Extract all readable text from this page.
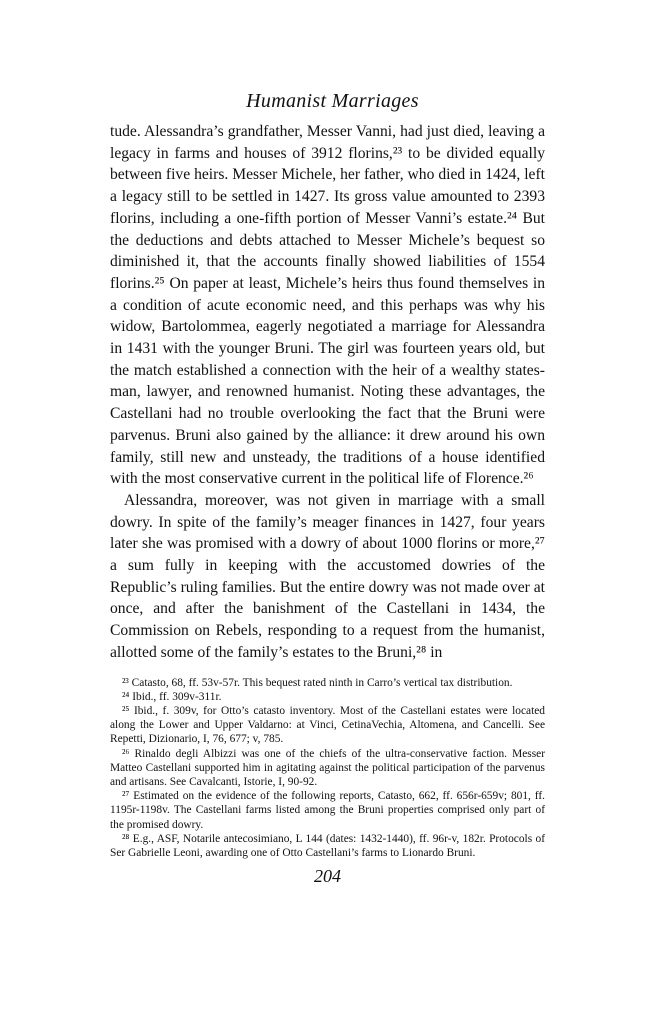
Humanist Marriages

tude. Alessandra’s grandfather, Messer Vanni, had just died, leaving a legacy in farms and houses of 3912 florins,²³ to be divided equally between five heirs. Messer Michele, her father, who died in 1424, left a legacy still to be settled in 1427. Its gross value amounted to 2393 florins, including a one-fifth portion of Messer Vanni’s estate.²⁴ But the deductions and debts attached to Messer Michele’s bequest so diminished it, that the accounts finally showed liabilities of 1554 florins.²⁵ On paper at least, Michele’s heirs thus found themselves in a condition of acute economic need, and this perhaps was why his widow, Bartolommea, eagerly negotiated a marriage for Alessandra in 1431 with the younger Bruni. The girl was fourteen years old, but the match established a connection with the heir of a wealthy statesman, lawyer, and renowned humanist. Noting these advantages, the Castellani had no trouble overlooking the fact that the Bruni were parvenus. Bruni also gained by the alliance: it drew around his own family, still new and unsteady, the traditions of a house identified with the most conservative current in the political life of Florence.²⁶

Alessandra, moreover, was not given in marriage with a small dowry. In spite of the family’s meager finances in 1427, four years later she was promised with a dowry of about 1000 florins or more,²⁷ a sum fully in keeping with the accustomed dowries of the Republic’s ruling families. But the entire dowry was not made over at once, and after the banishment of the Castellani in 1434, the Commission on Rebels, responding to a request from the humanist, allotted some of the family’s estates to the Bruni,²⁸ in

²³ Catasto, 68, ff. 53v-57r. This bequest rated ninth in Carro’s vertical tax distribution.

²⁴ Ibid., ff. 309v-311r.

²⁵ Ibid., f. 309v, for Otto’s catasto inventory. Most of the Castellani estates were located along the Lower and Upper Valdarno: at Vinci, CetinaVechia, Altomena, and Cancelli. See Repetti, Dizionario, I, 76, 677; v, 785.

²⁶ Rinaldo degli Albizzi was one of the chiefs of the ultra-conservative faction. Messer Matteo Castellani supported him in agitating against the political participation of the parvenus and artisans. See Cavalcanti, Istorie, I, 90-92.

²⁷ Estimated on the evidence of the following reports, Catasto, 662, ff. 656r-659v; 801, ff. 1195r-1198v. The Castellani farms listed among the Bruni properties comprised only part of the promised dowry.

²⁸ E.g., ASF, Notarile antecosimiano, L 144 (dates: 1432-1440), ff. 96r-v, 182r. Protocols of Ser Gabrielle Leoni, awarding one of Otto Castellani’s farms to Lionardo Bruni.

204
